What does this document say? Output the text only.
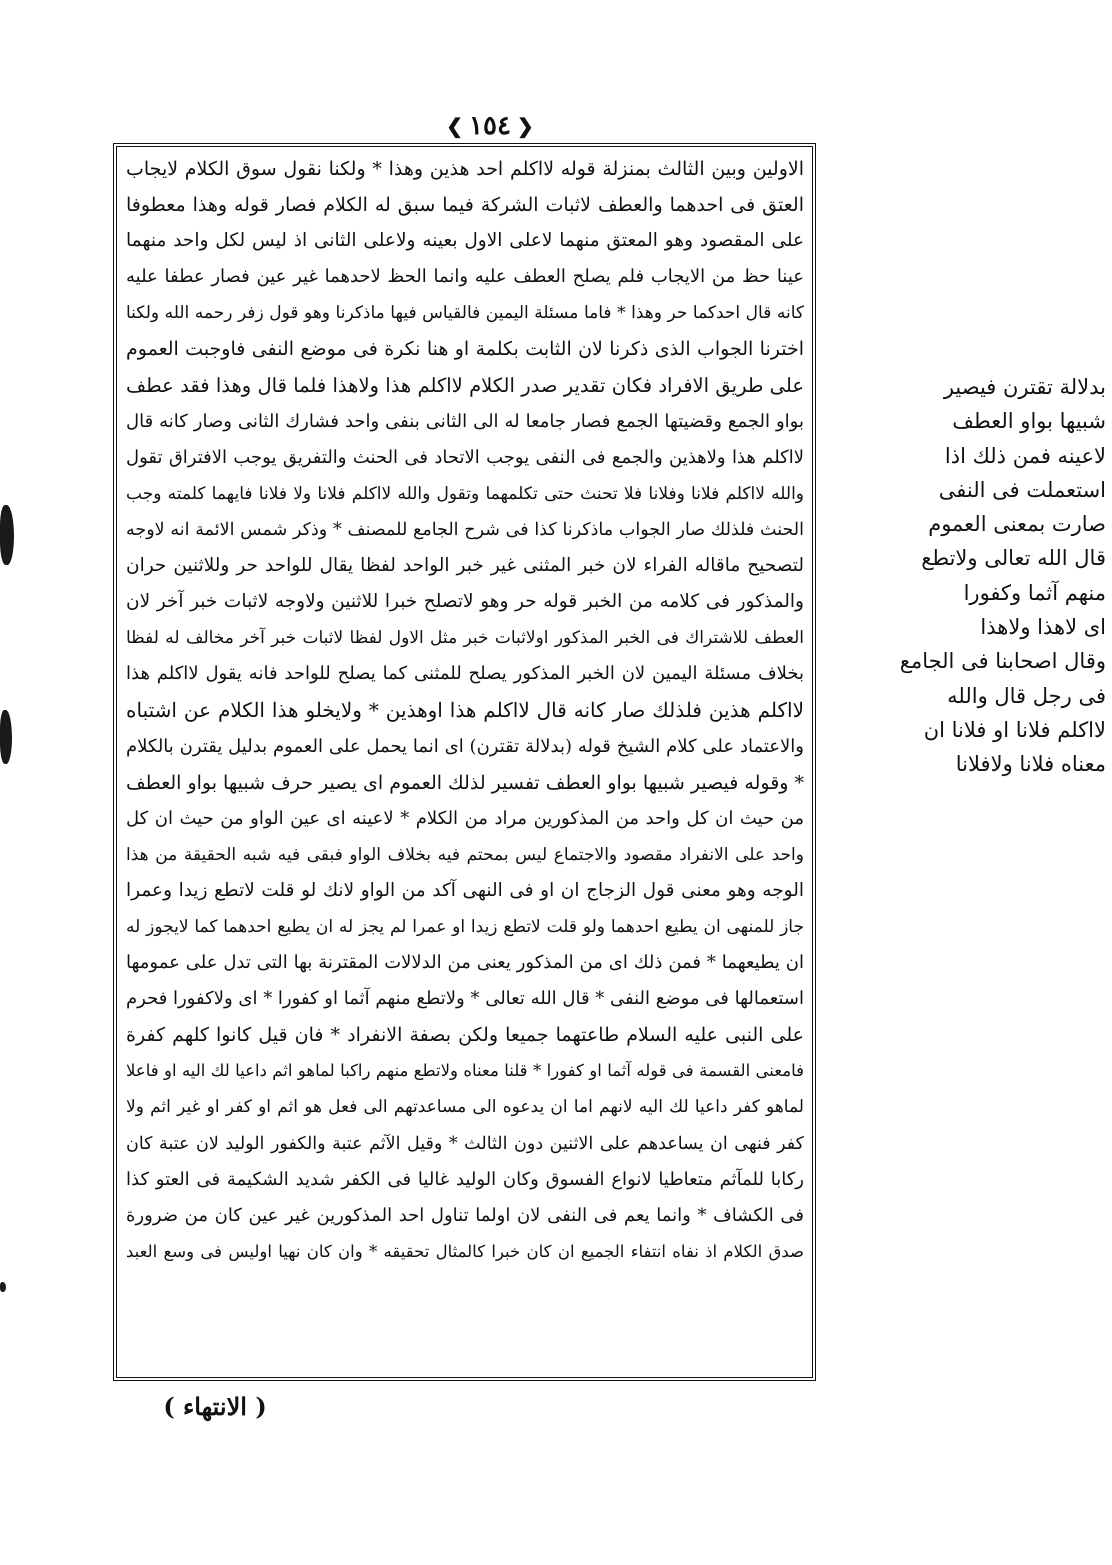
❮ ١٥٤ ❯
الاولين وبين الثالث بمنزلة قوله لااكلم احد هذين وهذا * ولكنا نقول سوق الكلام لايجاب
العتق فى احدهما والعطف لاثبات الشركة فيما سبق له الكلام فصار قوله وهذا معطوفا
على المقصود وهو المعتق منهما لاعلى الاول بعينه ولاعلى الثانى اذ ليس لكل واحد منهما
عينا حظ من الايجاب فلم يصلح العطف عليه وانما الحظ لاحدهما غير عين فصار عطفا عليه
كانه قال احدكما حر وهذا * فاما مسئلة اليمين فالقياس فيها ماذكرنا وهو قول زفر رحمه الله ولكنا
اخترنا الجواب الذى ذكرنا لان الثابت بكلمة او هنا نكرة فى موضع النفى فاوجبت العموم
على طريق الافراد فكان تقدير صدر الكلام لااكلم هذا ولاهذا فلما قال وهذا فقد عطف
بواو الجمع وقضيتها الجمع فصار جامعا له الى الثانى بنفى واحد فشارك الثانى وصار كانه قال
لااكلم هذا ولاهذين والجمع فى النفى يوجب الاتحاد فى الحنث والتفريق يوجب الافتراق تقول
والله لااكلم فلانا وفلانا فلا تحنث حتى تكلمهما وتقول والله لااكلم فلانا ولا فلانا فايهما كلمته وجب
الحنث فلذلك صار الجواب ماذكرنا كذا فى شرح الجامع للمصنف * وذكر شمس الائمة انه لاوجه
لتصحيح ماقاله الفراء لان خبر المثنى غير خبر الواحد لفظا يقال للواحد حر وللاثنين حران
والمذكور فى كلامه من الخبر قوله حر وهو لاتصلح خبرا للاثنين ولاوجه لاثبات خبر آخر لان
العطف للاشتراك فى الخبر المذكور اولاثبات خبر مثل الاول لفظا لاثبات خبر آخر مخالف له لفظا
بخلاف مسئلة اليمين لان الخبر المذكور يصلح للمثنى كما يصلح للواحد فانه يقول لااكلم هذا
لااكلم هذين فلذلك صار كانه قال لااكلم هذا اوهذين * ولايخلو هذا الكلام عن اشتباه
والاعتماد على كلام الشيخ قوله (بدلالة تقترن) اى انما يحمل على العموم بدليل يقترن بالكلام
* وقوله فيصير شبيها بواو العطف تفسير لذلك العموم اى يصير حرف شبيها بواو العطف
من حيث ان كل واحد من المذكورين مراد من الكلام * لاعينه اى عين الواو من حيث ان كل
واحد على الانفراد مقصود والاجتماع ليس بمحتم فيه بخلاف الواو فبقى فيه شبه الحقيقة من هذا
الوجه وهو معنى قول الزجاج ان او فى النهى آكد من الواو لانك لو قلت لاتطع زيدا وعمرا
جاز للمنهى ان يطيع احدهما ولو قلت لاتطع زيدا او عمرا لم يجز له ان يطيع احدهما كما لايجوز له
ان يطيعهما * فمن ذلك اى من المذكور يعنى من الدلالات المقترنة بها التى تدل على عمومها
استعمالها فى موضع النفى * قال الله تعالى * ولاتطع منهم آثما او كفورا * اى ولاكفورا فحرم
على النبى عليه السلام طاعتهما جميعا ولكن بصفة الانفراد * فان قيل كانوا كلهم كفرة
فامعنى القسمة فى قوله آثما او كفورا * قلنا معناه ولاتطع منهم راكبا لماهو اثم داعيا لك اليه او فاعلا
لماهو كفر داعيا لك اليه لانهم اما ان يدعوه الى مساعدتهم الى فعل هو اثم او كفر او غير اثم ولا
كفر فنهى ان يساعدهم على الاثنين دون الثالث * وقيل الآثم عتبة والكفور الوليد لان عتبة كان
ركابا للمآثم متعاطيا لانواع الفسوق وكان الوليد غاليا فى الكفر شديد الشكيمة فى العتو كذا
فى الكشاف * وانما يعم فى النفى لان اولما تناول احد المذكورين غير عين كان من ضرورة
صدق الكلام اذ نفاه انتفاء الجميع ان كان خبرا كالمثال تحقيقه * وان كان نهيا اوليس فى وسع العبد
بدلالة تقترن فيصير
شبيها بواو العطف
لاعينه فمن ذلك اذا
استعملت فى النفى
صارت بمعنى العموم
قال الله تعالى ولاتطع
منهم آثما وكفورا
اى لاهذا ولاهذا
وقال اصحابنا فى الجامع
فى رجل قال والله
لااكلم فلانا او فلانا ان
معناه فلانا ولافلانا
( الانتهاء )
